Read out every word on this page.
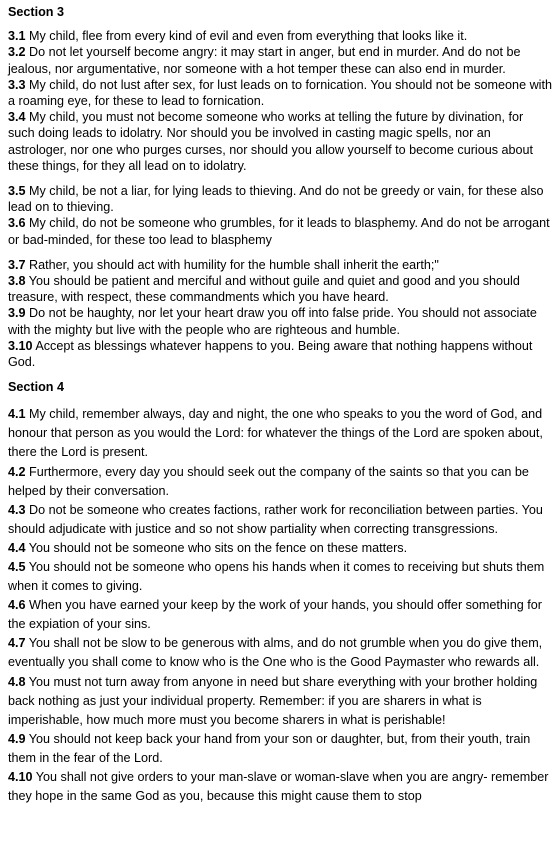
Section 3

3.1 My child, flee from every kind of evil and even from everything that looks like it.

3.2 Do not let yourself become angry: it may start in anger, but end in murder. And do not be jealous, nor argumentative, nor someone with a hot temper these can also end in murder.

3.3 My child, do not lust after sex, for lust leads on to fornication. You should not be someone with a roaming eye, for these to lead to fornication.

3.4 My child, you must not become someone who works at telling the future by divination, for such doing leads to idolatry. Nor should you be involved in casting magic spells, nor an astrologer, nor one who purges curses, nor should you allow yourself to become curious about these things, for they all lead on to idolatry.

3.5 My child, be not a liar, for lying leads to thieving. And do not be greedy or vain, for these also lead on to thieving.

3.6 My child, do not be someone who grumbles, for it leads to blasphemy. And do not be arrogant or bad-minded, for these too lead to blasphemy

3.7 Rather, you should act with humility for the humble shall inherit the earth;"

3.8 You should be patient and merciful and without guile and quiet and good and you should treasure, with respect, these commandments which you have heard.

3.9 Do not be haughty, nor let your heart draw you off into false pride. You should not associate with the mighty but live with the people who are righteous and humble.

3.10 Accept as blessings whatever happens to you. Being aware that nothing happens without God.

Section 4

4.1 My child, remember always, day and night, the one who speaks to you the word of God, and honour that person as you would the Lord: for whatever the things of the Lord are spoken about, there the Lord is present.

4.2 Furthermore, every day you should seek out the company of the saints so that you can be helped by their conversation.

4.3 Do not be someone who creates factions, rather work for reconciliation between parties. You should adjudicate with justice and so not show partiality when correcting transgressions.

4.4 You should not be someone who sits on the fence on these matters.

4.5 You should not be someone who opens his hands when it comes to receiving but shuts them when it comes to giving.

4.6 When you have earned your keep by the work of your hands, you should offer something for the expiation of your sins.

4.7 You shall not be slow to be generous with alms, and do not grumble when you do give them, eventually you shall come to know who is the One who is the Good Paymaster who rewards all.

4.8 You must not turn away from anyone in need but share everything with your brother holding back nothing as just your individual property. Remember: if you are sharers in what is imperishable, how much more must you become sharers in what is perishable!

4.9 You should not keep back your hand from your son or daughter, but, from their youth, train them in the fear of the Lord.

4.10 You shall not give orders to your man-slave or woman-slave when you are angry- remember they hope in the same God as you, because this might cause them to stop
